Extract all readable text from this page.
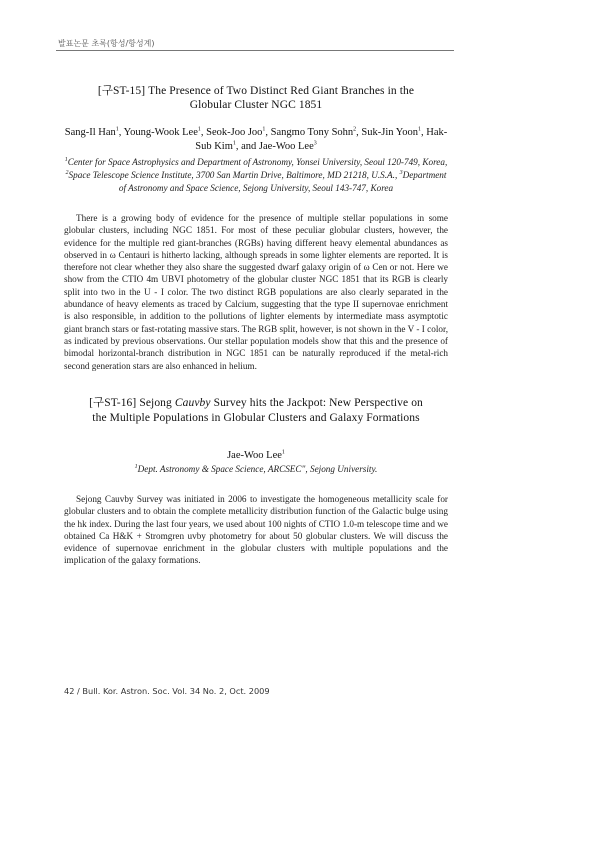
발표논문 초록(항성/항성계)
[구ST-15] The Presence of Two Distinct Red Giant Branches in the
Globular Cluster NGC 1851
Sang-Il Han$^1$, Young-Wook Lee$^1$, Seok-Joo Joo$^1$, Sangmo Tony Sohn$^2$, Suk-Jin Yoon$^1$, Hak-Sub Kim$^1$, and Jae-Woo Lee$^3$
$^1$Center for Space Astrophysics and Department of Astronomy, Yonsei University, Seoul 120-749, Korea, $^2$Space Telescope Science Institute, 3700 San Martin Drive, Baltimore, MD 21218, U.S.A., $^3$Department of Astronomy and Space Science, Sejong University, Seoul 143-747, Korea

There is a growing body of evidence for the presence of multiple stellar populations in some globular clusters, including NGC 1851. For most of these peculiar globular clusters, however, the evidence for the multiple red giant-branches (RGBs) having different heavy elemental abundances as observed in ω Centauri is hitherto lacking, although spreads in some lighter elements are reported. It is therefore not clear whether they also share the suggested dwarf galaxy origin of ω Cen or not. Here we show from the CTIO 4m UBVI photometry of the globular cluster NGC 1851 that its RGB is clearly split into two in the U - I color. The two distinct RGB populations are also clearly separated in the abundance of heavy elements as traced by Calcium, suggesting that the type II supernovae enrichment is also responsible, in addition to the pollutions of lighter elements by intermediate mass asymptotic giant branch stars or fast-rotating massive stars. The RGB split, however, is not shown in the V - I color, as indicated by previous observations. Our stellar population models show that this and the presence of bimodal horizontal-branch distribution in NGC 1851 can be naturally reproduced if the metal-rich second generation stars are also enhanced in helium.

[구ST-16] Sejong Cauvby Survey hits the Jackpot: New Perspective on
the Multiple Populations in Globular Clusters and Galaxy Formations
Jae-Woo Lee$^1$
$^1$Dept. Astronomy & Space Science, ARCSEC", Sejong University.

Sejong Cauvby Survey was initiated in 2006 to investigate the homogeneous metallicity scale for globular clusters and to obtain the complete metallicity distribution function of the Galactic bulge using the hk index. During the last four years, we used about 100 nights of CTIO 1.0-m telescope time and we obtained Ca H&K + Stromgren uvby photometry for about 50 globular clusters. We will discuss the evidence of supernovae enrichment in the globular clusters with multiple populations and the implication of the galaxy formations.

42 / Bull. Kor. Astron. Soc. Vol. 34 No. 2, Oct. 2009
